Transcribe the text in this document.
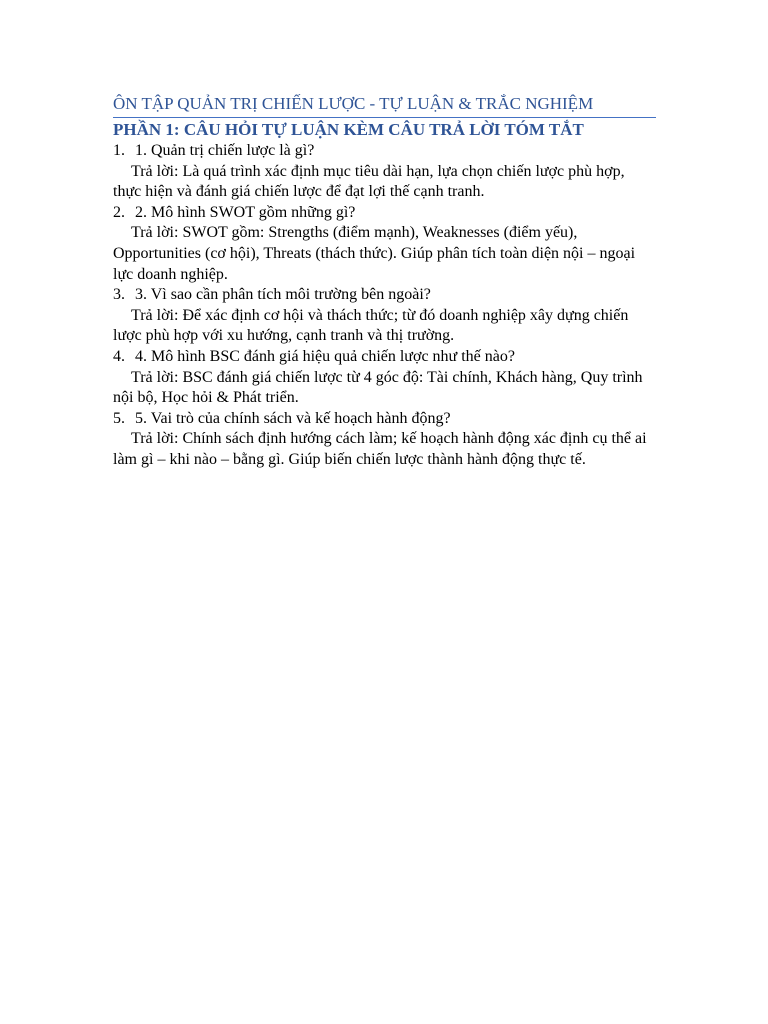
ÔN TẬP QUẢN TRỊ CHIẾN LƯỢC - TỰ LUẬN & TRẮC NGHIỆM
PHẦN 1: CÂU HỎI TỰ LUẬN KÈM CÂU TRẢ LỜI TÓM TẮT
1. 1. Quản trị chiến lược là gì?
Trả lời: Là quá trình xác định mục tiêu dài hạn, lựa chọn chiến lược phù hợp, thực hiện và đánh giá chiến lược để đạt lợi thế cạnh tranh.
2. 2. Mô hình SWOT gồm những gì?
Trả lời: SWOT gồm: Strengths (điểm mạnh), Weaknesses (điểm yếu), Opportunities (cơ hội), Threats (thách thức). Giúp phân tích toàn diện nội – ngoại lực doanh nghiệp.
3. 3. Vì sao cần phân tích môi trường bên ngoài?
Trả lời: Để xác định cơ hội và thách thức; từ đó doanh nghiệp xây dựng chiến lược phù hợp với xu hướng, cạnh tranh và thị trường.
4. 4. Mô hình BSC đánh giá hiệu quả chiến lược như thế nào?
Trả lời: BSC đánh giá chiến lược từ 4 góc độ: Tài chính, Khách hàng, Quy trình nội bộ, Học hỏi & Phát triển.
5. 5. Vai trò của chính sách và kế hoạch hành động?
Trả lời: Chính sách định hướng cách làm; kế hoạch hành động xác định cụ thể ai làm gì – khi nào – bằng gì. Giúp biến chiến lược thành hành động thực tế.
